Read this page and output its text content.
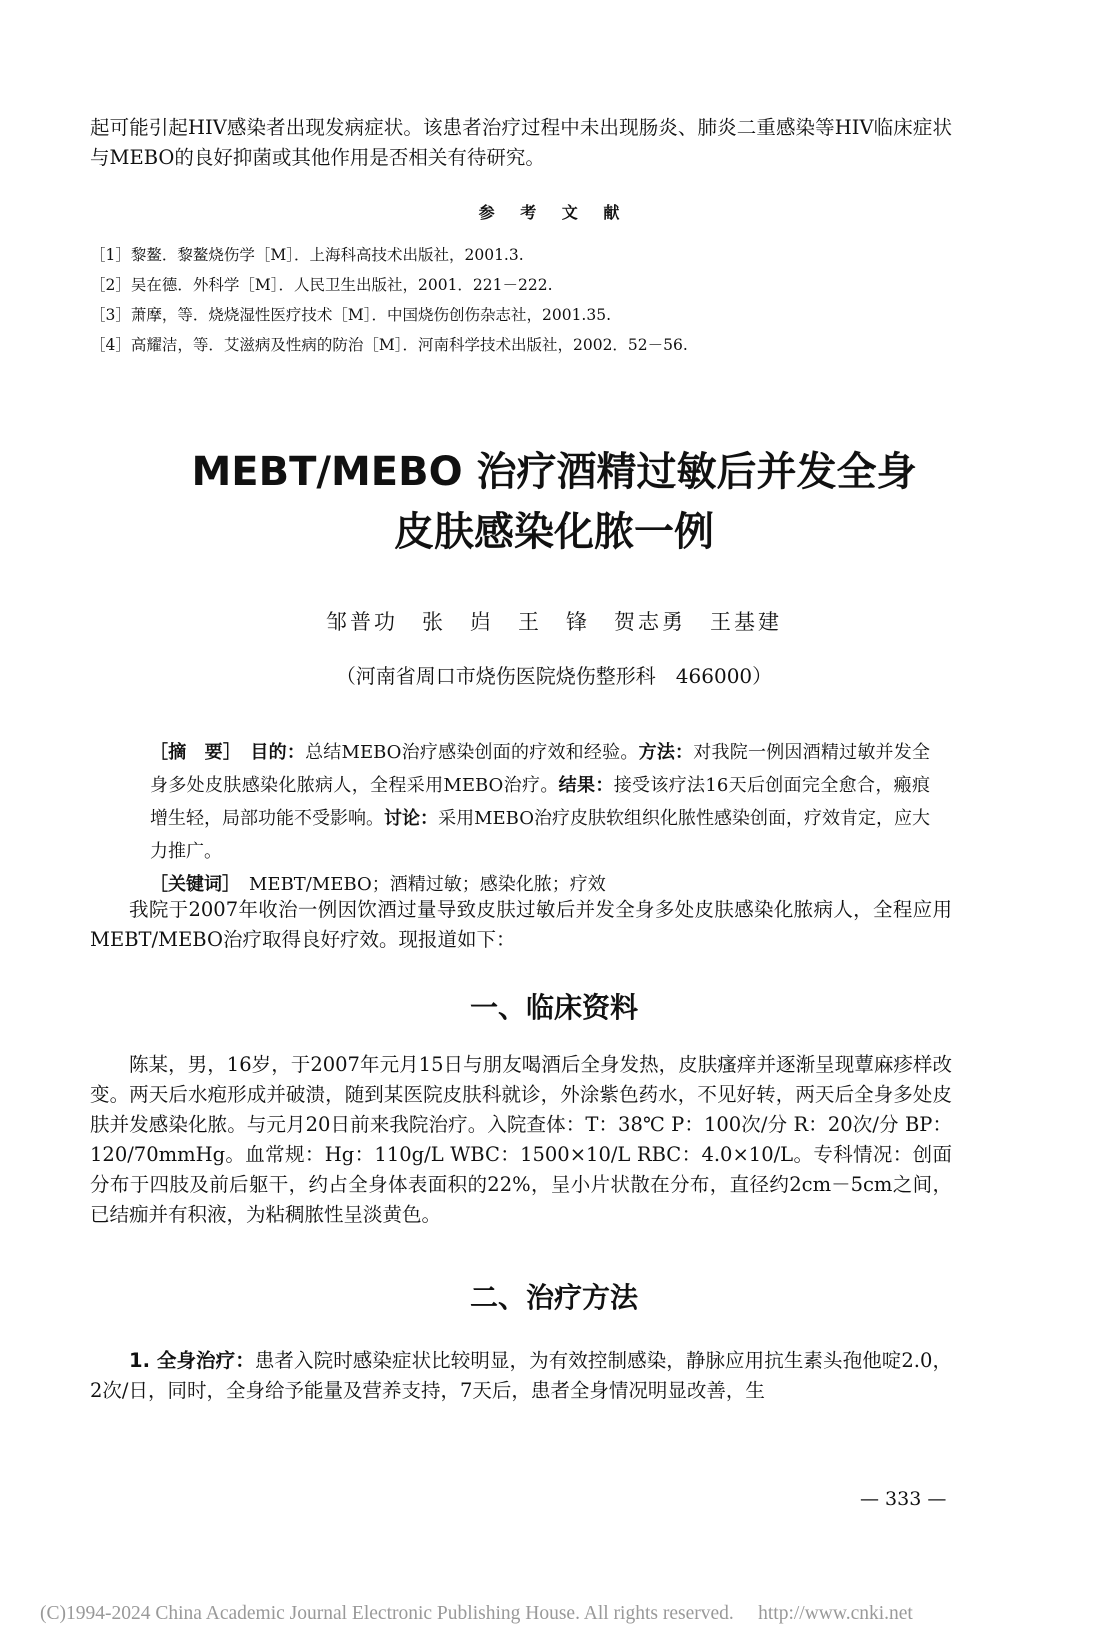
起可能引起HIV感染者出现发病症状。该患者治疗过程中未出现肠炎、肺炎二重感染等HIV临床症状与MEBO的良好抑菌或其他作用是否相关有待研究。
参 考 文 献
［1］黎鳌．黎鳌烧伤学［M］．上海科高技术出版社，2001.3.
［2］吴在德．外科学［M］．人民卫生出版社，2001．221－222.
［3］萧摩，等．烧烧湿性医疗技术［M］．中国烧伤创伤杂志社，2001.35.
［4］高耀洁，等．艾滋病及性病的防治［M］．河南科学技术出版社，2002．52－56.
MEBT/MEBO 治疗酒精过敏后并发全身
皮肤感染化脓一例
邹普功　张　岿　王　锋　贺志勇　王基建
（河南省周口市烧伤医院烧伤整形科　466000）
［摘　要］　 目的：总结MEBO治疗感染创面的疗效和经验。方法：对我院一例因酒精过敏并发全身多处皮肤感染化脓病人，全程采用MEBO治疗。结果：接受该疗法16天后创面完全愈合，瘢痕增生轻，局部功能不受影响。讨论：采用MEBO治疗皮肤软组织化脓性感染创面，疗效肯定，应大力推广。
［关键词］　 MEBT/MEBO；酒精过敏；感染化脓；疗效
我院于2007年收治一例因饮酒过量导致皮肤过敏后并发全身多处皮肤感染化脓病人，全程应用MEBT/MEBO治疗取得良好疗效。现报道如下：
一、临床资料
陈某，男，16岁，于2007年元月15日与朋友喝酒后全身发热，皮肤瘙痒并逐渐呈现蕈麻疹样改变。两天后水疱形成并破溃，随到某医院皮肤科就诊，外涂紫色药水，不见好转，两天后全身多处皮肤并发感染化脓。与元月20日前来我院治疗。入院查体：T：38℃ P：100次/分 R：20次/分 BP：120/70mmHg。血常规：Hg：110g/L WBC：1500×10/L RBC：4.0×10/L。专科情况：创面分布于四肢及前后躯干，约占全身体表面积的22%，呈小片状散在分布，直径约2cm－5cm之间，已结痂并有积液，为粘稠脓性呈淡黄色。
二、治疗方法
1. 全身治疗：患者入院时感染症状比较明显，为有效控制感染，静脉应用抗生素头孢他啶2.0，2次/日，同时，全身给予能量及营养支持，7天后，患者全身情况明显改善，生
— 333 —
(C)1994-2024 China Academic Journal Electronic Publishing House. All rights reserved.　 http://www.cnki.net
